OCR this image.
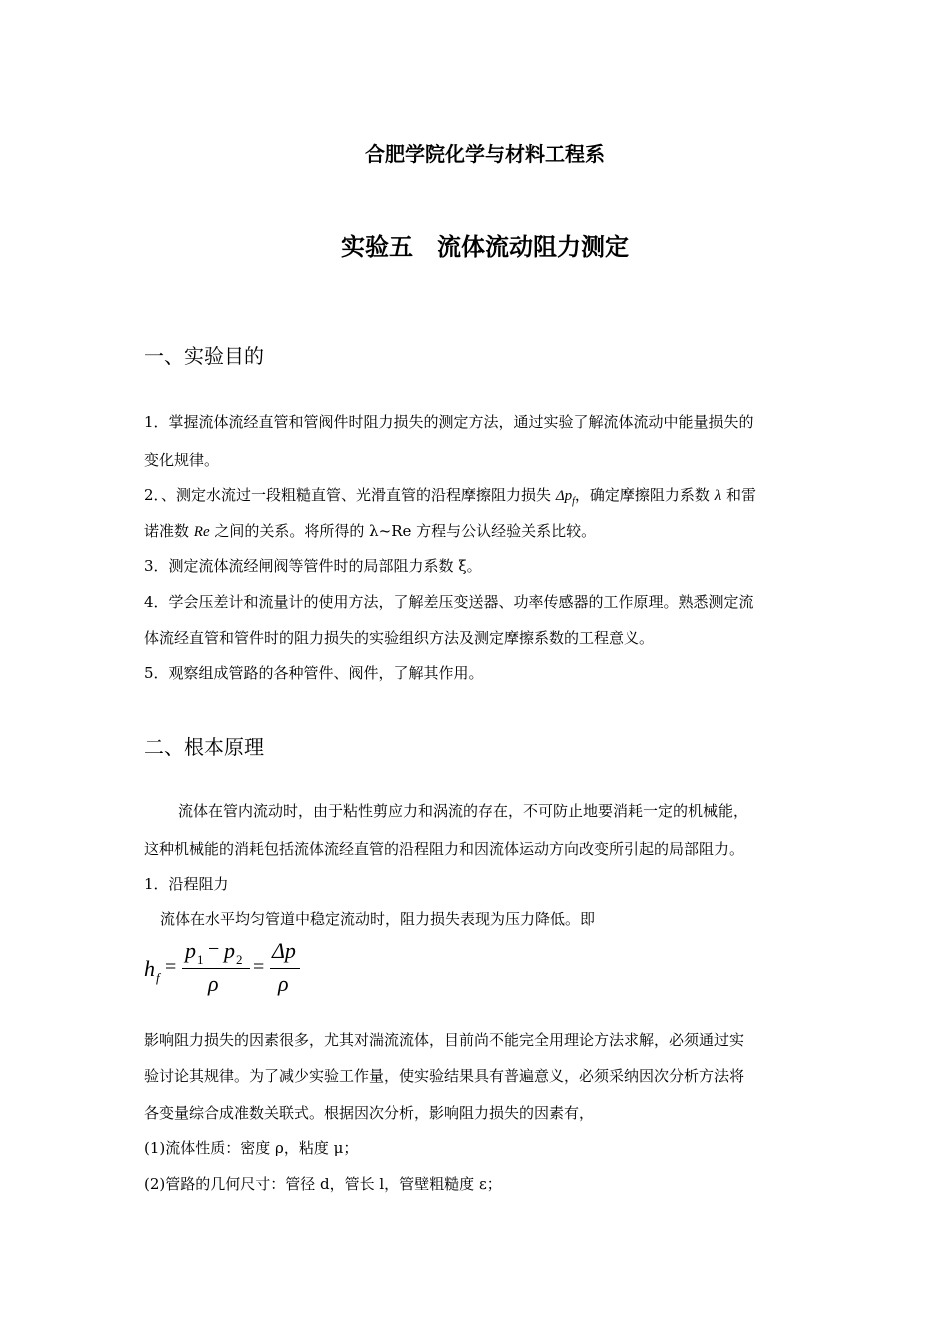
合肥学院化学与材料工程系
实验五　流体流动阻力测定
一、实验目的
1．掌握流体流经直管和管阀件时阻力损失的测定方法，通过实验了解流体流动中能量损失的
变化规律。
2．、测定水流过一段粗糙直管、光滑直管的沿程摩擦阻力损失 $\Delta p_f$，确定摩擦阻力系数 λ 和雷
诺准数 Re 之间的关系。将所得的 λ~Re 方程与公认经验关系比较。
3．测定流体流经闸阀等管件时的局部阻力系数 ξ。
4．学会压差计和流量计的使用方法，了解差压变送器、功率传感器的工作原理。熟悉测定流
体流经直管和管件时的阻力损失的实验组织方法及测定摩擦系数的工程意义。
5．观察组成管路的各种管件、阀件，了解其作用。
二、根本原理
流体在管内流动时，由于粘性剪应力和涡流的存在，不可防止地要消耗一定的机械能，
这种机械能的消耗包括流体流经直管的沿程阻力和因流体运动方向改变所引起的局部阻力。
1．沿程阻力
流体在水平均匀管道中稳定流动时，阻力损失表现为压力降低。即
h f =
p 1 − p 2
ρ
=
Δp
ρ
影响阻力损失的因素很多，尤其对湍流流体，目前尚不能完全用理论方法求解，必须通过实
验讨论其规律。为了减少实验工作量，使实验结果具有普遍意义，必须采纳因次分析方法将
各变量综合成准数关联式。根据因次分析，影响阻力损失的因素有，
(1)流体性质：密度 ρ，粘度 μ；
(2)管路的几何尺寸：管径 d，管长 l，管壁粗糙度 ε；
